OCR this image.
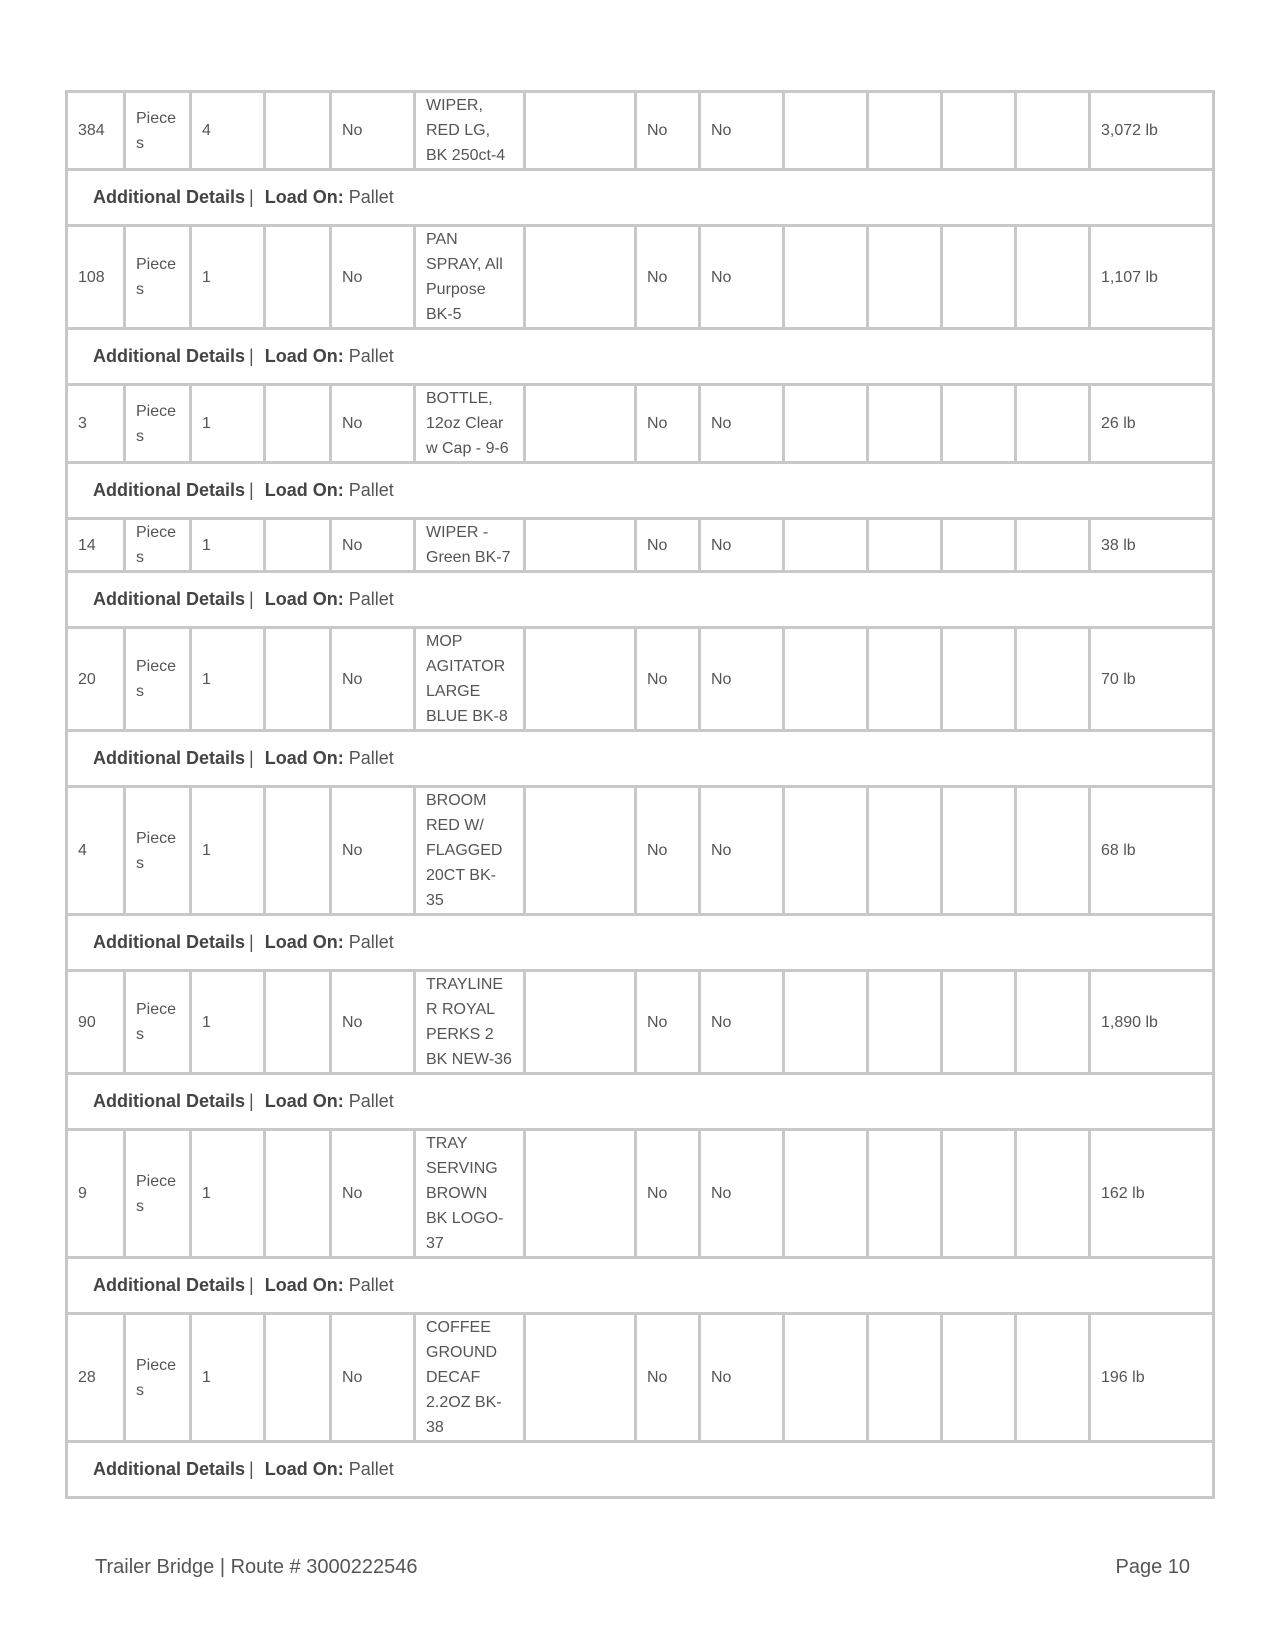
384	Piece s	4		No	WIPER, RED LG, BK 250ct-4		No	No					3,072 lb
Additional Details | Load On: Pallet													
108	Piece s	1		No	PAN SPRAY, All Purpose BK-5		No	No					1,107 lb
Additional Details | Load On: Pallet													
3	Piece s	1		No	BOTTLE, 12oz Clear w Cap - 9-6		No	No					26 lb
Additional Details | Load On: Pallet													
14	Piece s	1		No	WIPER - Green BK-7		No	No					38 lb
Additional Details | Load On: Pallet													
20	Piece s	1		No	MOP AGITATOR LARGE BLUE BK-8		No	No					70 lb
Additional Details | Load On: Pallet													
4	Piece s	1		No	BROOM RED W/ FLAGGED 20CT BK-35		No	No					68 lb
Additional Details | Load On: Pallet													
90	Piece s	1		No	TRAYLINER ROYAL PERKS 2 BK NEW-36		No	No					1,890 lb
Additional Details | Load On: Pallet													
9	Piece s	1		No	TRAY SERVING BROWN BK LOGO-37		No	No					162 lb
Additional Details | Load On: Pallet													
28	Piece s	1		No	COFFEE GROUND DECAF 2.2OZ BK-38		No	No					196 lb
Additional Details | Load On: Pallet													
Trailer Bridge | Route # 3000222546	Page 10
